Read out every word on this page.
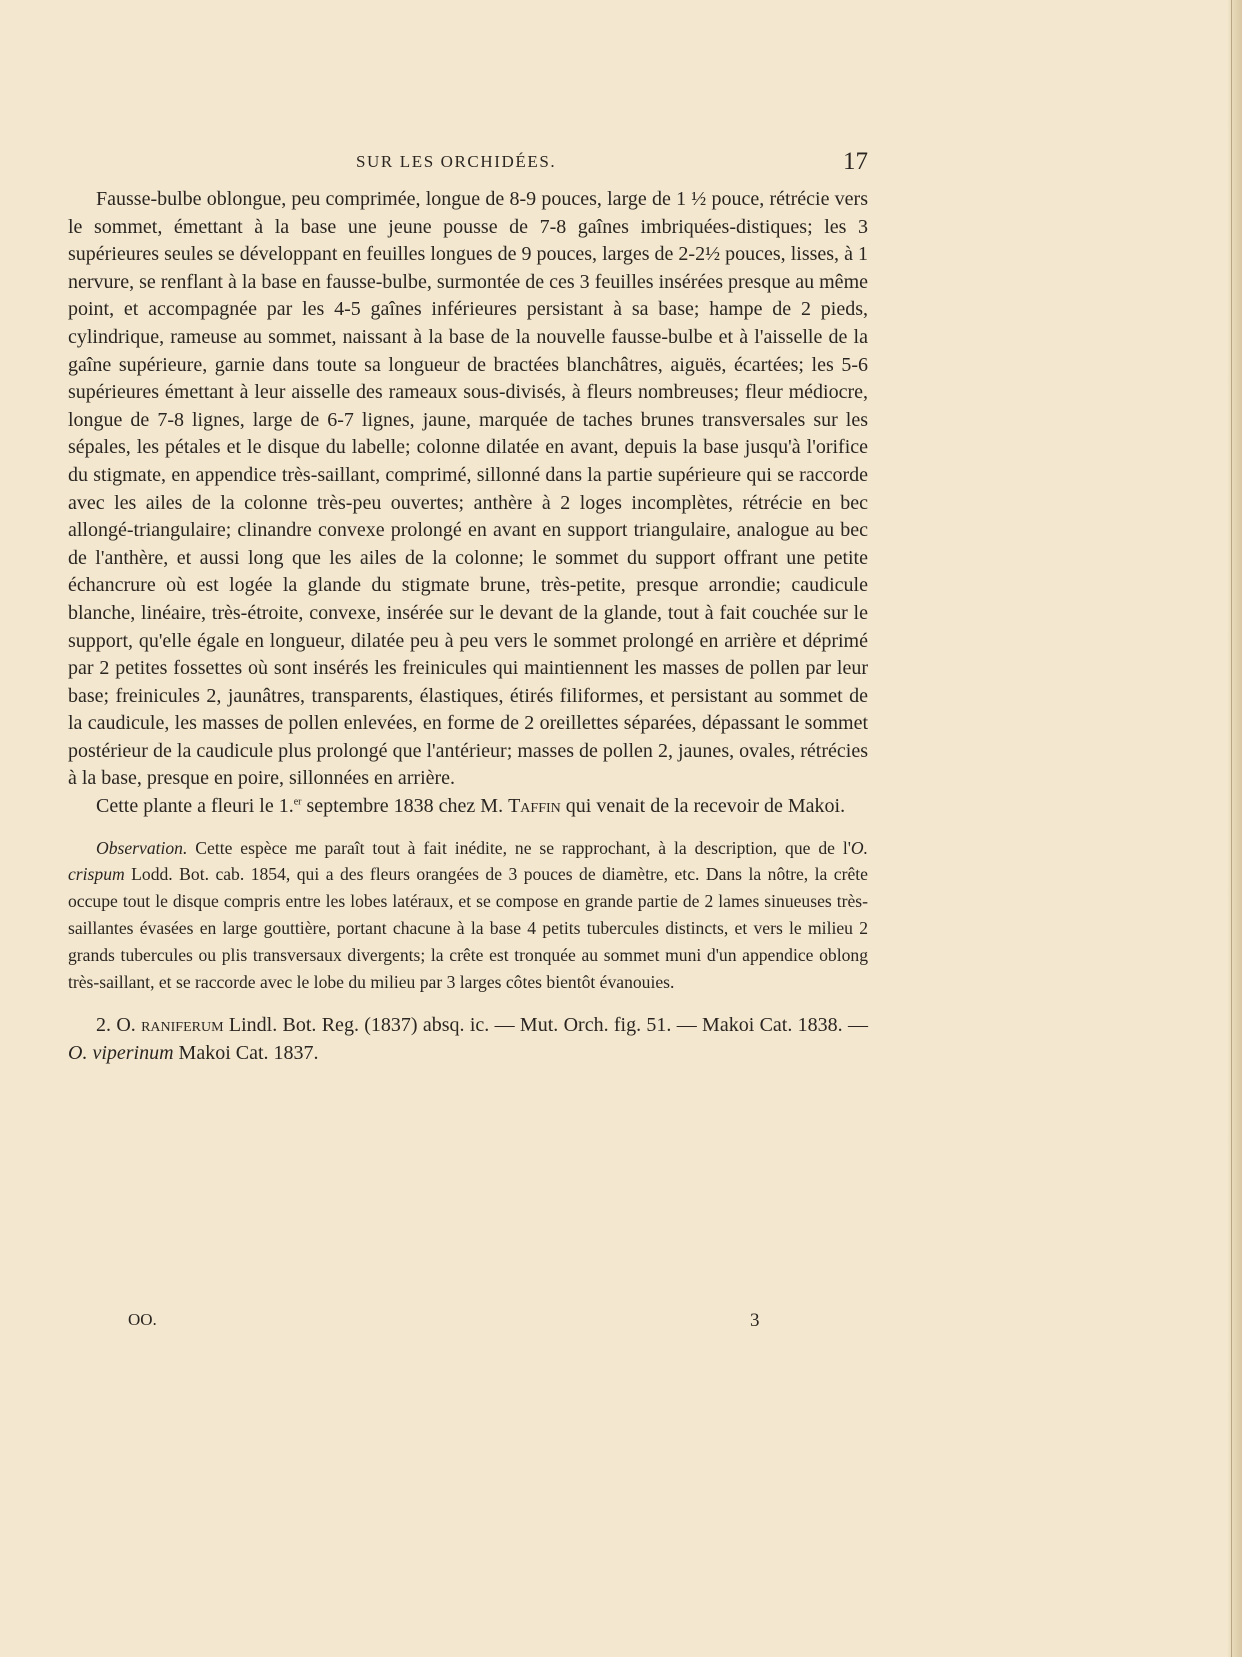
SUR LES ORCHIDÉES.	17

Fausse-bulbe oblongue, peu comprimée, longue de 8-9 pouces, large de 1 ½ pouce, rétrécie vers le sommet, émettant à la base une jeune pousse de 7-8 gaînes imbriquées-distiques; les 3 supérieures seules se développant en feuilles longues de 9 pouces, larges de 2-2½ pouces, lisses, à 1 nervure, se renflant à la base en fausse-bulbe, surmontée de ces 3 feuilles insérées presque au même point, et accompagnée par les 4-5 gaînes inférieures persistant à sa base; hampe de 2 pieds, cylindrique, rameuse au sommet, naissant à la base de la nouvelle fausse-bulbe et à l'aisselle de la gaîne supérieure, garnie dans toute sa longueur de bractées blanchâtres, aiguës, écartées; les 5-6 supérieures émettant à leur aisselle des rameaux sous-divisés, à fleurs nombreuses; fleur médiocre, longue de 7-8 lignes, large de 6-7 lignes, jaune, marquée de taches brunes transversales sur les sépales, les pétales et le disque du labelle; colonne dilatée en avant, depuis la base jusqu'à l'orifice du stigmate, en appendice très-saillant, comprimé, sillonné dans la partie supérieure qui se raccorde avec les ailes de la colonne très-peu ouvertes; anthère à 2 loges incomplètes, rétrécie en bec allongé-triangulaire; clinandre convexe prolongé en avant en support triangulaire, analogue au bec de l'anthère, et aussi long que les ailes de la colonne; le sommet du support offrant une petite échancrure où est logée la glande du stigmate brune, très-petite, presque arrondie; caudicule blanche, linéaire, très-étroite, convexe, insérée sur le devant de la glande, tout à fait couchée sur le support, qu'elle égale en longueur, dilatée peu à peu vers le sommet prolongé en arrière et déprimé par 2 petites fossettes où sont insérés les freinicules qui maintiennent les masses de pollen par leur base; freinicules 2, jaunâtres, transparents, élastiques, étirés filiformes, et persistant au sommet de la caudicule, les masses de pollen enlevées, en forme de 2 oreillettes séparées, dépassant le sommet postérieur de la caudicule plus prolongé que l'antérieur; masses de pollen 2, jaunes, ovales, rétrécies à la base, presque en poire, sillonnées en arrière.

Cette plante a fleuri le 1.$^{er}$ septembre 1838 chez M. Taffin qui venait de la recevoir de Makoi.

Observation. Cette espèce me paraît tout à fait inédite, ne se rapprochant, à la description, que de l'O. crispum Lodd. Bot. cab. 1854, qui a des fleurs orangées de 3 pouces de diamètre, etc. Dans la nôtre, la crête occupe tout le disque compris entre les lobes latéraux, et se compose en grande partie de 2 lames sinueuses très-saillantes évasées en large gouttière, portant chacune à la base 4 petits tubercules distincts, et vers le milieu 2 grands tubercules ou plis transversaux divergents; la crête est tronquée au sommet muni d'un appendice oblong très-saillant, et se raccorde avec le lobe du milieu par 3 larges côtes bientôt évanouies.

2. O. raniferum Lindl. Bot. Reg. (1837) absq. ic. — Mut. Orch. fig. 51. — Makoi Cat. 1838. — O. viperinum Makoi Cat. 1837.

OO.	3
